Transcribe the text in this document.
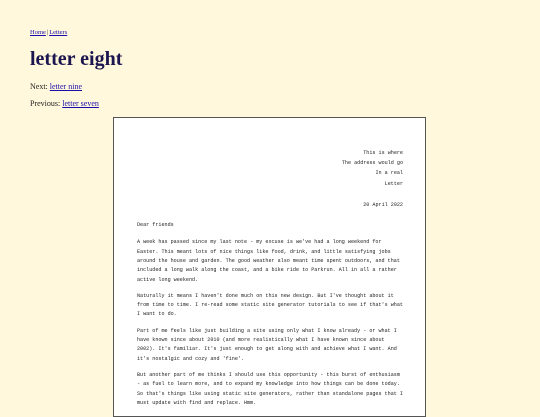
Home|Letters
letter eight
Next: letter nine
Previous: letter seven
This is where
The address would go
In a real
Letter
20 April 2022
Dear friends

A week has passed since my last note - my excuse is we've had a long weekend for Easter. This meant lots of nice things like food, drink, and little satisfying jobs around the house and garden. The good weather also meant time spent outdoors, and that included a long walk along the coast, and a bike ride to Parkrun. All in all a rather active long weekend.

Naturally it means I haven't done much on this new design. But I've thought about it from time to time. I re-read some static site generator tutorials to see if that's what I want to do.

Part of me feels like just building a site using only what I know already - or what I have known since about 2010 (and more realistically what I have known since about 2002). It's familiar. It's just enough to get along with and achieve what I want. And it's nostalgic and cozy and 'fine'.

But another part of me thinks I should use this opportunity - this burst of enthusiasm - as fuel to learn more, and to expand my knowledge into how things can be done today. So that's things like using static site generators, rather than standalone pages that I must update with find and replace. Hmm.
